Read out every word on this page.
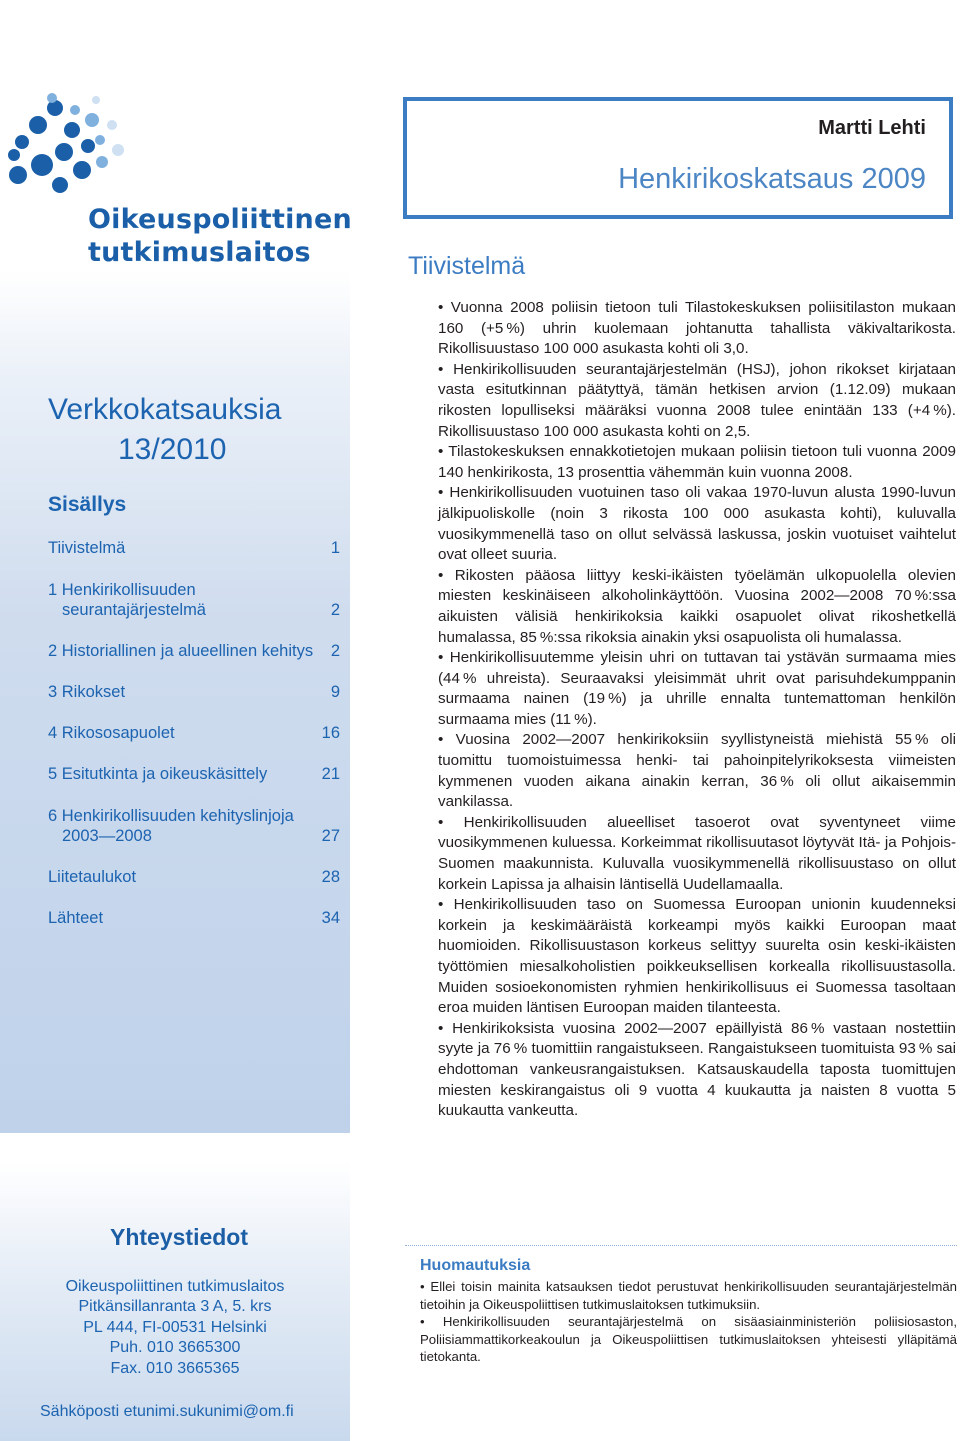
Oikeuspoliittinen
tutkimuslaitos
Verkkokatsauksia
13/2010
Sisällys
Tiivistelmä	1
1 Henkirikollisuuden seurantajärjestelmä	2
2 Historiallinen ja alueellinen kehitys 2
3 Rikokset	9
4 Rikososapuolet	16
5 Esitutkinta ja oikeuskäsittely	21
6 Henkirikollisuuden kehityslinjoja 2003—2008	27
Liitetaulukot	28
Lähteet	34
Martti Lehti
Henkirikoskatsaus 2009
Tiivistelmä

• Vuonna 2008 poliisin tietoon tuli Tilastokeskuksen poliisitilaston mukaan 160 (+5 %) uhrin kuolemaan johtanutta tahallista väkivaltarikosta. Rikollisuustaso 100 000 asukasta kohti oli 3,0.

• Henkirikollisuuden seurantajärjestelmän (HSJ), johon rikokset kirjataan vasta esitutkinnan päätyttyä, tämän hetkisen arvion (1.12.09) mukaan rikosten lopulliseksi määräksi vuonna 2008 tulee enintään 133 (+4 %). Rikollisuustaso 100 000 asukasta kohti on 2,5.

• Tilastokeskuksen ennakkotietojen mukaan poliisin tietoon tuli vuonna 2009 140 henkirikosta, 13 prosenttia vähemmän kuin vuonna 2008.

• Henkirikollisuuden vuotuinen taso oli vakaa 1970-luvun alusta 1990-luvun jälkipuoliskolle (noin 3 rikosta 100 000 asukasta kohti), kuluvalla vuosikymmenellä taso on ollut selvässä laskussa, joskin vuotuiset vaihtelut ovat olleet suuria.

• Rikosten pääosa liittyy keski-ikäisten työelämän ulkopuolella olevien miesten keskinäiseen alkoholinkäyttöön. Vuosina 2002—2008 70 %:ssa aikuisten välisiä henkirikoksia kaikki osapuolet olivat rikoshetkellä humalassa, 85 %:ssa rikoksia ainakin yksi osapuolista oli humalassa.

• Henkirikollisuutemme yleisin uhri on tuttavan tai ystävän surmaama mies (44 % uhreista). Seuraavaksi yleisimmät uhrit ovat parisuhdekumppanin surmaama nainen (19 %) ja uhrille ennalta tuntemattoman henkilön surmaama mies (11 %).

• Vuosina 2002—2007 henkirikoksiin syyllistyneistä miehistä 55 % oli tuomittu tuomoistuimessa henki- tai pahoinpitelyrikoksesta viimeisten kymmenen vuoden aikana ainakin kerran, 36 % oli ollut aikaisemmin vankilassa.

• Henkirikollisuuden alueelliset tasoerot ovat syventyneet viime vuosikymmenen kuluessa. Korkeimmat rikollisuutasot löytyvät Itä- ja Pohjois-Suomen maakunnista. Kuluvalla vuosikymmenellä rikollisuustaso on ollut korkein Lapissa ja alhaisin läntisellä Uudellamaalla.

• Henkirikollisuuden taso on Suomessa Euroopan unionin kuudenneksi korkein ja keskimääräistä korkeampi myös kaikki Euroopan maat huomioiden. Rikollisuustason korkeus selittyy suurelta osin keski-ikäisten työttömien miesalkoholistien poikkeuksellisen korkealla rikollisuustasolla. Muiden sosioekonomisten ryhmien henkirikollisuus ei Suomessa tasoltaan eroa muiden läntisen Euroopan maiden tilanteesta.

• Henkirikoksista vuosina 2002—2007 epäillyistä 86 % vastaan nostettiin syyte ja 76 % tuomittiin rangaistukseen. Rangaistukseen tuomituista 93 % sai ehdottoman vankeusrangaistuksen. Katsauskaudella taposta tuomittujen miesten keskirangaistus oli 9 vuotta 4 kuukautta ja naisten 8 vuotta 5 kuukautta vankeutta.

Yhteystiedot
Oikeuspoliittinen tutkimuslaitos
Pitkänsillanranta 3 A, 5. krs
PL 444, FI-00531 Helsinki
Puh. 010 3665300
Fax. 010 3665365
Sähköposti etunimi.sukunimi@om.fi
Huomautuksia

• Ellei toisin mainita katsauksen tiedot perustuvat henkirikollisuuden seurantajärjestelmän tietoihin ja Oikeuspoliittisen tutkimuslaitoksen tutkimuksiin.

• Henkirikollisuuden seurantajärjestelmä on sisäasiainministeriön poliisiosaston, Poliisiammattikorkeakoulun ja Oikeuspoliittisen tutkimuslaitoksen yhteisesti ylläpitämä tietokanta.
